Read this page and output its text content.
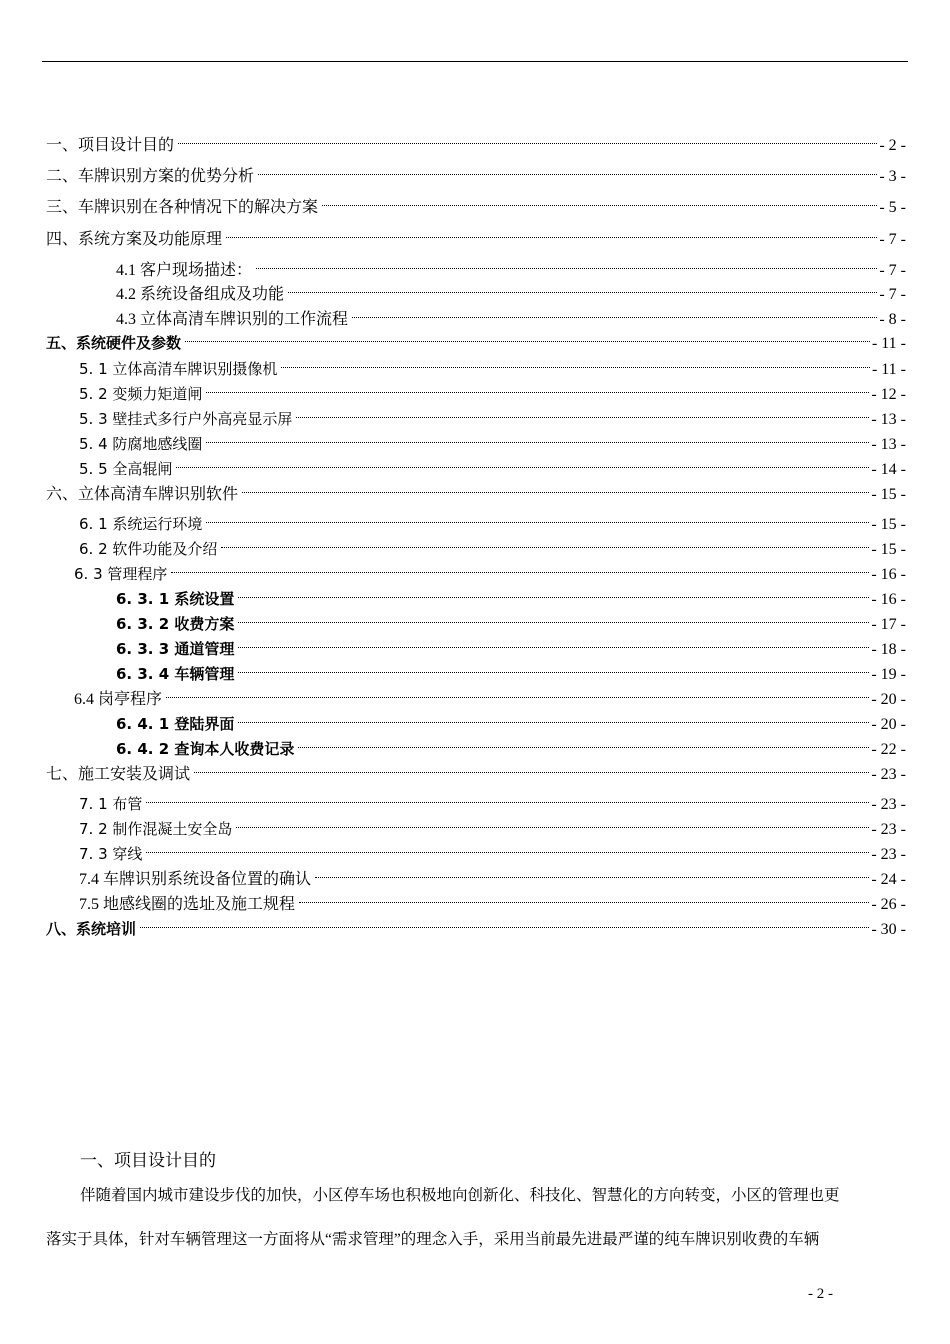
一、项目设计目的	- 2 -
二、车牌识别方案的优势分析	- 3 -
三、车牌识别在各种情况下的解决方案	- 5 -
四、系统方案及功能原理	- 7 -
4.1 客户现场描述：	- 7 -
4.2 系统设备组成及功能	- 7 -
4.3 立体高清车牌识别的工作流程	- 8 -
五、系统硬件及参数	- 11 -
5. 1 立体高清车牌识别摄像机	- 11 -
5. 2 变频力矩道闸	- 12 -
5. 3 壁挂式多行户外高亮显示屏	- 13 -
5. 4 防腐地感线圈	- 13 -
5. 5 全高辊闸	- 14 -
六、立体高清车牌识别软件	- 15 -
6. 1 系统运行环境	- 15 -
6. 2 软件功能及介绍	- 15 -
6. 3 管理程序	- 16 -
6. 3. 1 系统设置	- 16 -
6. 3. 2 收费方案	- 17 -
6. 3. 3 通道管理	- 18 -
6. 3. 4 车辆管理	- 19 -
6.4 岗亭程序	- 20 -
6. 4. 1 登陆界面	- 20 -
6. 4. 2 查询本人收费记录	- 22 -
七、施工安装及调试	- 23 -
7. 1 布管	- 23 -
7. 2 制作混凝土安全岛	- 23 -
7. 3 穿线	- 23 -
7.4 车牌识别系统设备位置的确认	- 24 -
7.5 地感线圈的选址及施工规程	- 26 -
八、系统培训	- 30 -
一、项目设计目的
伴随着国内城市建设步伐的加快，小区停车场也积极地向创新化、科技化、智慧化的方向转变，小区的管理也更
落实于具体，针对车辆管理这一方面将从“需求管理”的理念入手，采用当前最先进最严谨的纯车牌识别收费的车辆
- 2 -
